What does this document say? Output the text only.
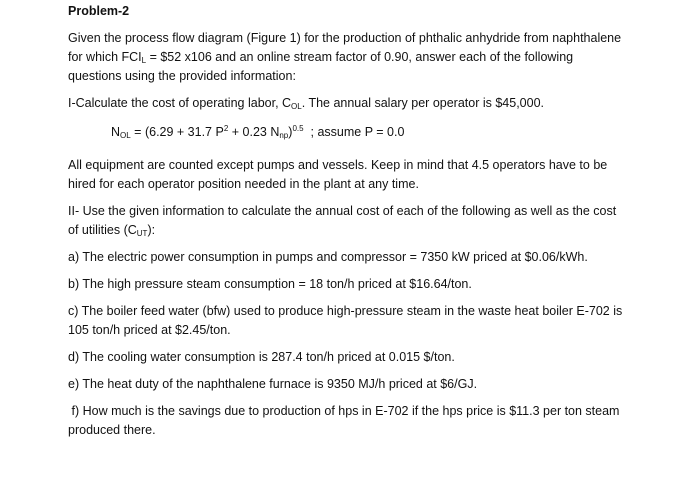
Problem-2

Given the process flow diagram (Figure 1) for the production of phthalic anhydride from naphthalene for which $FCI_L$ = $52 x106 and an online stream factor of 0.90, answer each of the following questions using the provided information:

I-Calculate the cost of operating labor, $C_{OL}$. The annual salary per operator is $45,000.

$N_{OL} = (6.29 + 31.7$ $P^2 + 0.23$ $N_{np})^{0.5}$  ; assume P = 0.0

All equipment are counted except pumps and vessels. Keep in mind that 4.5 operators have to be hired for each operator position needed in the plant at any time.

II- Use the given information to calculate the annual cost of each of the following as well as the cost of utilities $(C_{UT})$:

a) The electric power consumption in pumps and compressor = 7350 kW priced at $0.06/kWh.

b) The high pressure steam consumption = 18 ton/h priced at $16.64/ton.

c) The boiler feed water (bfw) used to produce high-pressure steam in the waste heat boiler E-702 is 105 ton/h priced at $2.45/ton.

d) The cooling water consumption is 287.4 ton/h priced at 0.015 $/ton.

e) The heat duty of the naphthalene furnace is 9350 MJ/h priced at $6/GJ.

f) How much is the savings due to production of hps in E-702 if the hps price is $11.3 per ton steam produced there.
